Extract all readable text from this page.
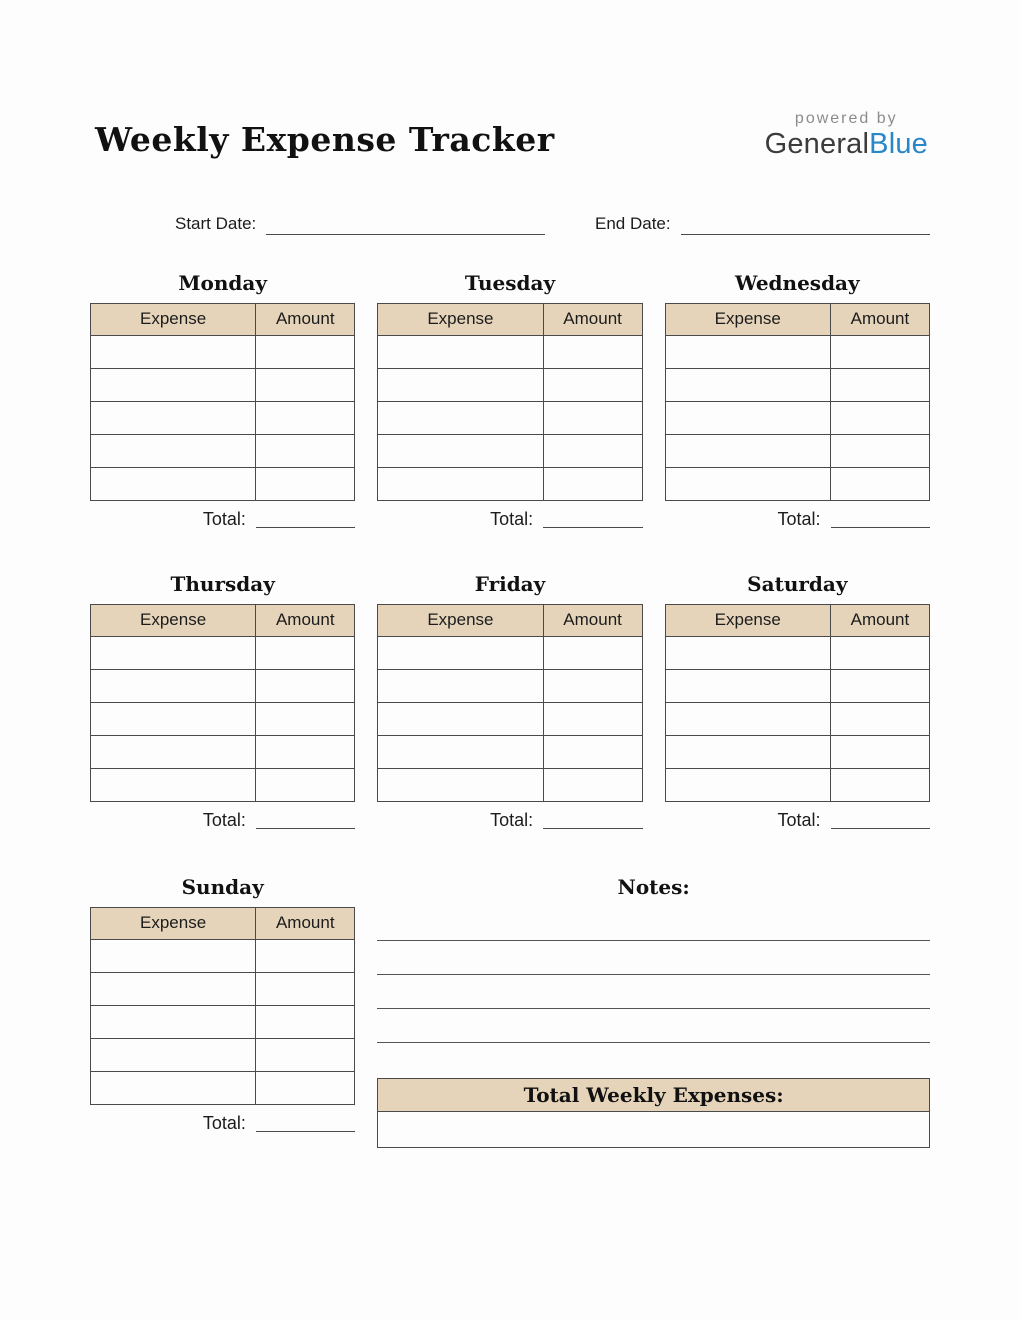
Weekly Expense Tracker
powered by
GeneralBlue
Start Date:	End Date:
Monday
Expense	Amount

Total:
Tuesday
Expense	Amount

Total:
Wednesday
Expense	Amount

Total:
Thursday
Expense	Amount

Total:
Friday
Expense	Amount

Total:
Saturday
Expense	Amount

Total:
Sunday
Expense	Amount

Total:
Notes:
Total Weekly Expenses:
